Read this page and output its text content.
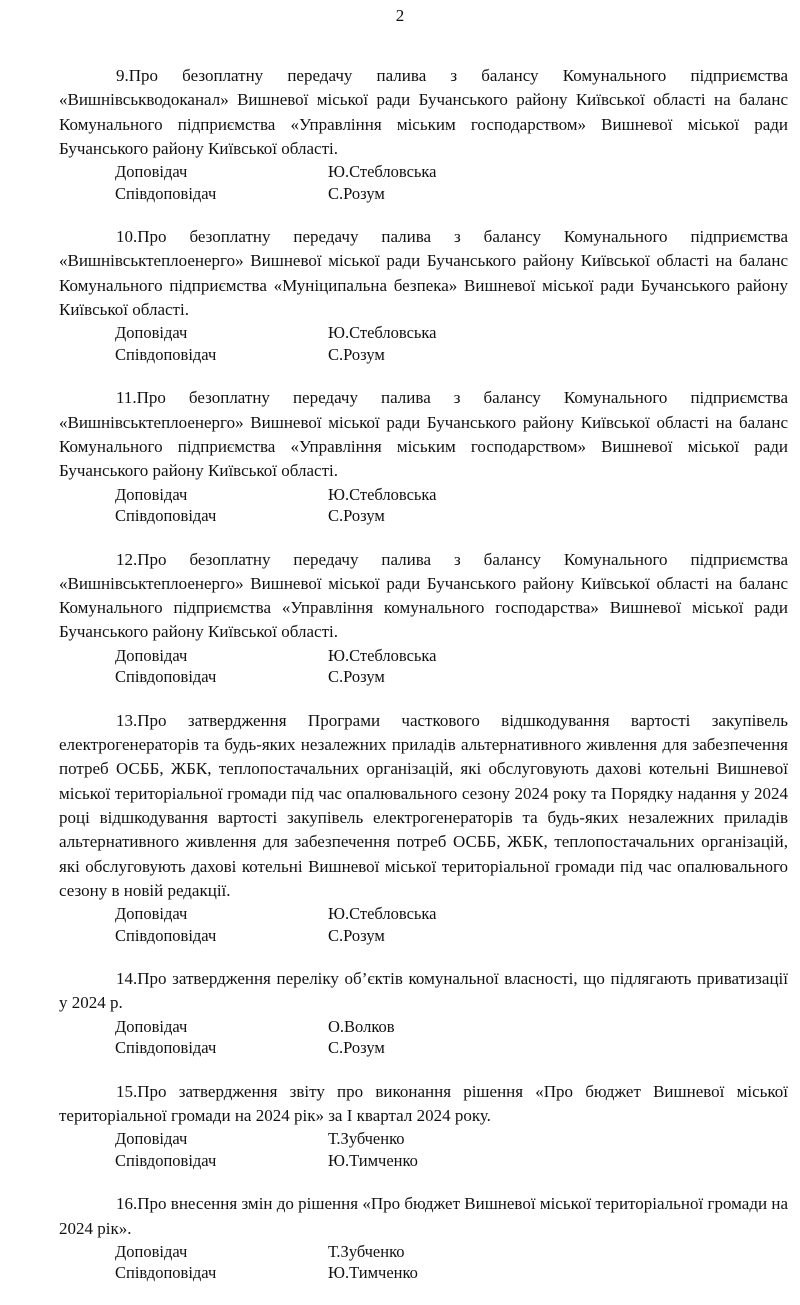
2

9.Про безоплатну передачу палива з балансу Комунального підприємства «Вишнівськводоканал» Вишневої міської ради Бучанського району Київської області на баланс Комунального підприємства «Управління міським господарством» Вишневої міської ради Бучанського району Київської області.

Доповідач	Ю.Стебловська
Співдоповідач	С.Розум

10.Про безоплатну передачу палива з балансу Комунального підприємства «Вишнівськтеплоенерго» Вишневої міської ради Бучанського району Київської області на баланс Комунального підприємства «Муніципальна безпека» Вишневої міської ради Бучанського району Київської області.

Доповідач	Ю.Стебловська
Співдоповідач	С.Розум

11.Про безоплатну передачу палива з балансу Комунального підприємства «Вишнівськтеплоенерго» Вишневої міської ради Бучанського району Київської області на баланс Комунального підприємства «Управління міським господарством» Вишневої міської ради Бучанського району Київської області.

Доповідач	Ю.Стебловська
Співдоповідач	С.Розум

12.Про безоплатну передачу палива з балансу Комунального підприємства «Вишнівськтеплоенерго» Вишневої міської ради Бучанського району Київської області на баланс Комунального підприємства «Управління комунального господарства» Вишневої міської ради Бучанського району Київської області.

Доповідач	Ю.Стебловська
Співдоповідач	С.Розум

13.Про затвердження Програми часткового відшкодування вартості закупівель електрогенераторів та будь-яких незалежних приладів альтернативного живлення для забезпечення потреб ОСББ, ЖБК, теплопостачальних організацій, які обслуговують дахові котельні Вишневої міської територіальної громади під час опалювального сезону 2024 року та Порядку надання у 2024 році відшкодування вартості закупівель електрогенераторів та будь-яких незалежних приладів альтернативного живлення для забезпечення потреб ОСББ, ЖБК, теплопостачальних організацій, які обслуговують дахові котельні Вишневої міської територіальної громади під час опалювального сезону в новій редакції.

Доповідач	Ю.Стебловська
Співдоповідач	С.Розум

14.Про затвердження переліку об’єктів комунальної власності, що підлягають приватизації у 2024 р.

Доповідач	О.Волков
Співдоповідач	С.Розум

15.Про затвердження звіту про виконання рішення «Про бюджет Вишневої міської територіальної громади на 2024 рік» за I квартал 2024 року.

Доповідач	Т.Зубченко
Співдоповідач	Ю.Тимченко

16.Про внесення змін до рішення «Про бюджет Вишневої міської територіальної громади на 2024 рік».

Доповідач	Т.Зубченко
Співдоповідач	Ю.Тимченко
